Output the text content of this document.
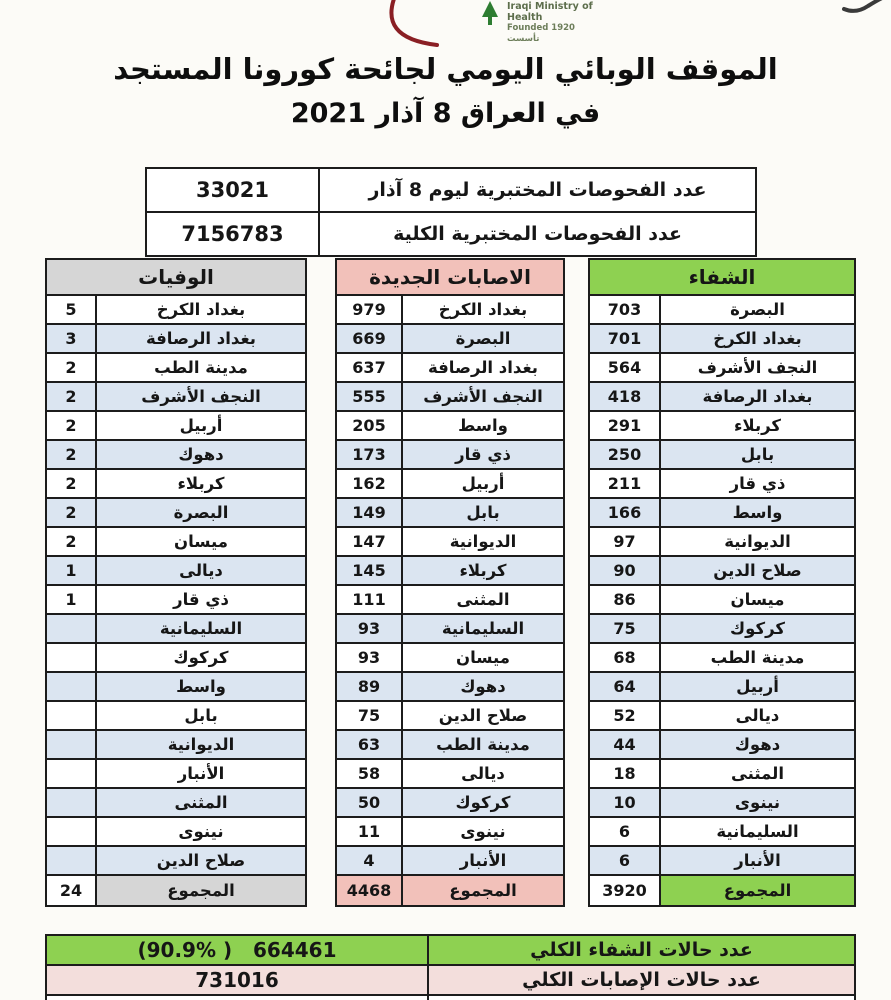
Iraqi Ministry of Health
Founded 1920 تأسست
الموقف الوبائي اليومي لجائحة كورونا المستجد
في العراق 8 آذار 2021
عدد الفحوصات المختبرية ليوم 8 آذار	33021
عدد الفحوصات المختبرية الكلية	7156783
الشفاء	
البصرة	703
بغداد الكرخ	701
النجف الأشرف	564
بغداد الرصافة	418
كربلاء	291
بابل	250
ذي قار	211
واسط	166
الديوانية	97
صلاح الدين	90
ميسان	86
كركوك	75
مدينة الطب	68
أربيل	64
ديالى	52
دهوك	44
المثنى	18
نينوى	10
السليمانية	6
الأنبار	6
المجموع	3920
الاصابات الجديدة	
بغداد الكرخ	979
البصرة	669
بغداد الرصافة	637
النجف الأشرف	555
واسط	205
ذي قار	173
أربيل	162
بابل	149
الديوانية	147
كربلاء	145
المثنى	111
السليمانية	93
ميسان	93
دهوك	89
صلاح الدين	75
مدينة الطب	63
ديالى	58
كركوك	50
نينوى	11
الأنبار	4
المجموع	4468
الوفيات	
بغداد الكرخ	5
بغداد الرصافة	3
مدينة الطب	2
النجف الأشرف	2
أربيل	2
دهوك	2
كربلاء	2
البصرة	2
ميسان	2
ديالى	1
ذي قار	1
السليمانية	
كركوك	
واسط	
بابل	
الديوانية	
الأنبار	
المثنى	
نينوى	
صلاح الدين	
المجموع	24
عدد حالات الشفاء الكلي	(90.9% )   664461
عدد حالات الإصابات الكلي	731016
